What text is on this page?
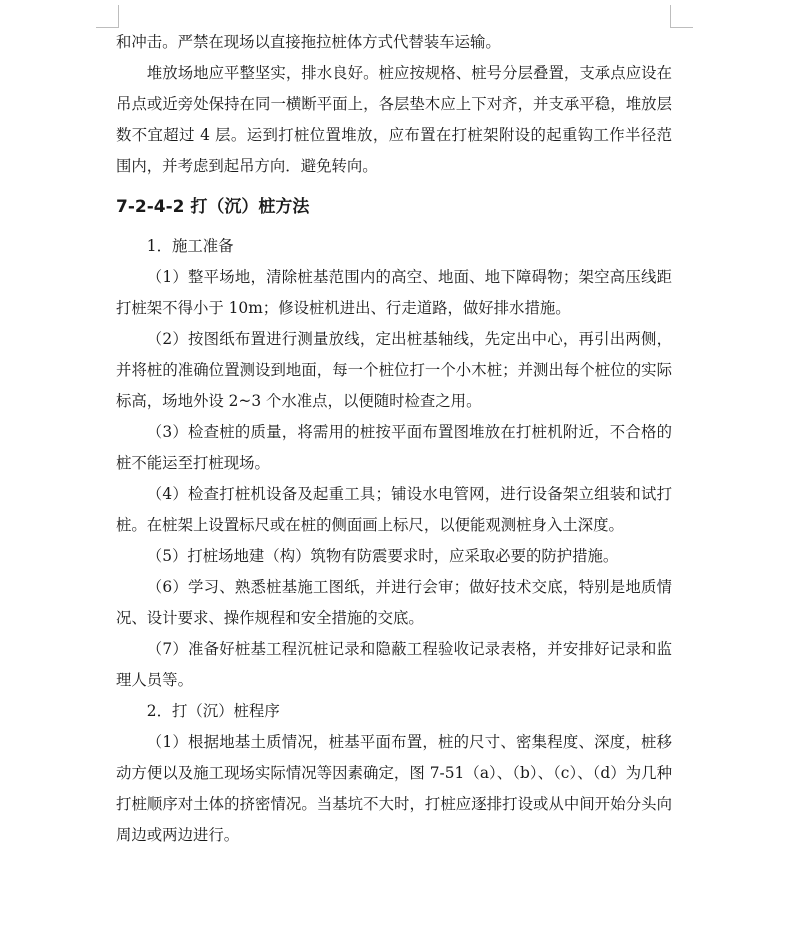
和冲击。严禁在现场以直接拖拉桩体方式代替装车运输。

堆放场地应平整坚实，排水良好。桩应按规格、桩号分层叠置，支承点应设在吊点或近旁处保持在同一横断平面上，各层垫木应上下对齐，并支承平稳，堆放层数不宜超过 4 层。运到打桩位置堆放，应布置在打桩架附设的起重钩工作半径范围内，并考虑到起吊方向．避免转向。

7-2-4-2 打（沉）桩方法

1．施工准备

（1）整平场地，清除桩基范围内的高空、地面、地下障碍物；架空高压线距打桩架不得小于 10m；修设桩机进出、行走道路，做好排水措施。

（2）按图纸布置进行测量放线，定出桩基轴线，先定出中心，再引出两侧，并将桩的准确位置测设到地面，每一个桩位打一个小木桩；并测出每个桩位的实际标高，场地外设 2~3 个水准点，以便随时检查之用。

（3）检查桩的质量，将需用的桩按平面布置图堆放在打桩机附近，不合格的桩不能运至打桩现场。

（4）检查打桩机设备及起重工具；铺设水电管网，进行设备架立组装和试打桩。在桩架上设置标尺或在桩的侧面画上标尺，以便能观测桩身入土深度。

（5）打桩场地建（构）筑物有防震要求时，应采取必要的防护措施。

（6）学习、熟悉桩基施工图纸，并进行会审；做好技术交底，特别是地质情况、设计要求、操作规程和安全措施的交底。

（7）准备好桩基工程沉桩记录和隐蔽工程验收记录表格，并安排好记录和监理人员等。

2．打（沉）桩程序

（1）根据地基土质情况，桩基平面布置，桩的尺寸、密集程度、深度，桩移动方便以及施工现场实际情况等因素确定，图 7-51（a）、（b）、（c）、（d）为几种打桩顺序对土体的挤密情况。当基坑不大时，打桩应逐排打设或从中间开始分头向周边或两边进行。
